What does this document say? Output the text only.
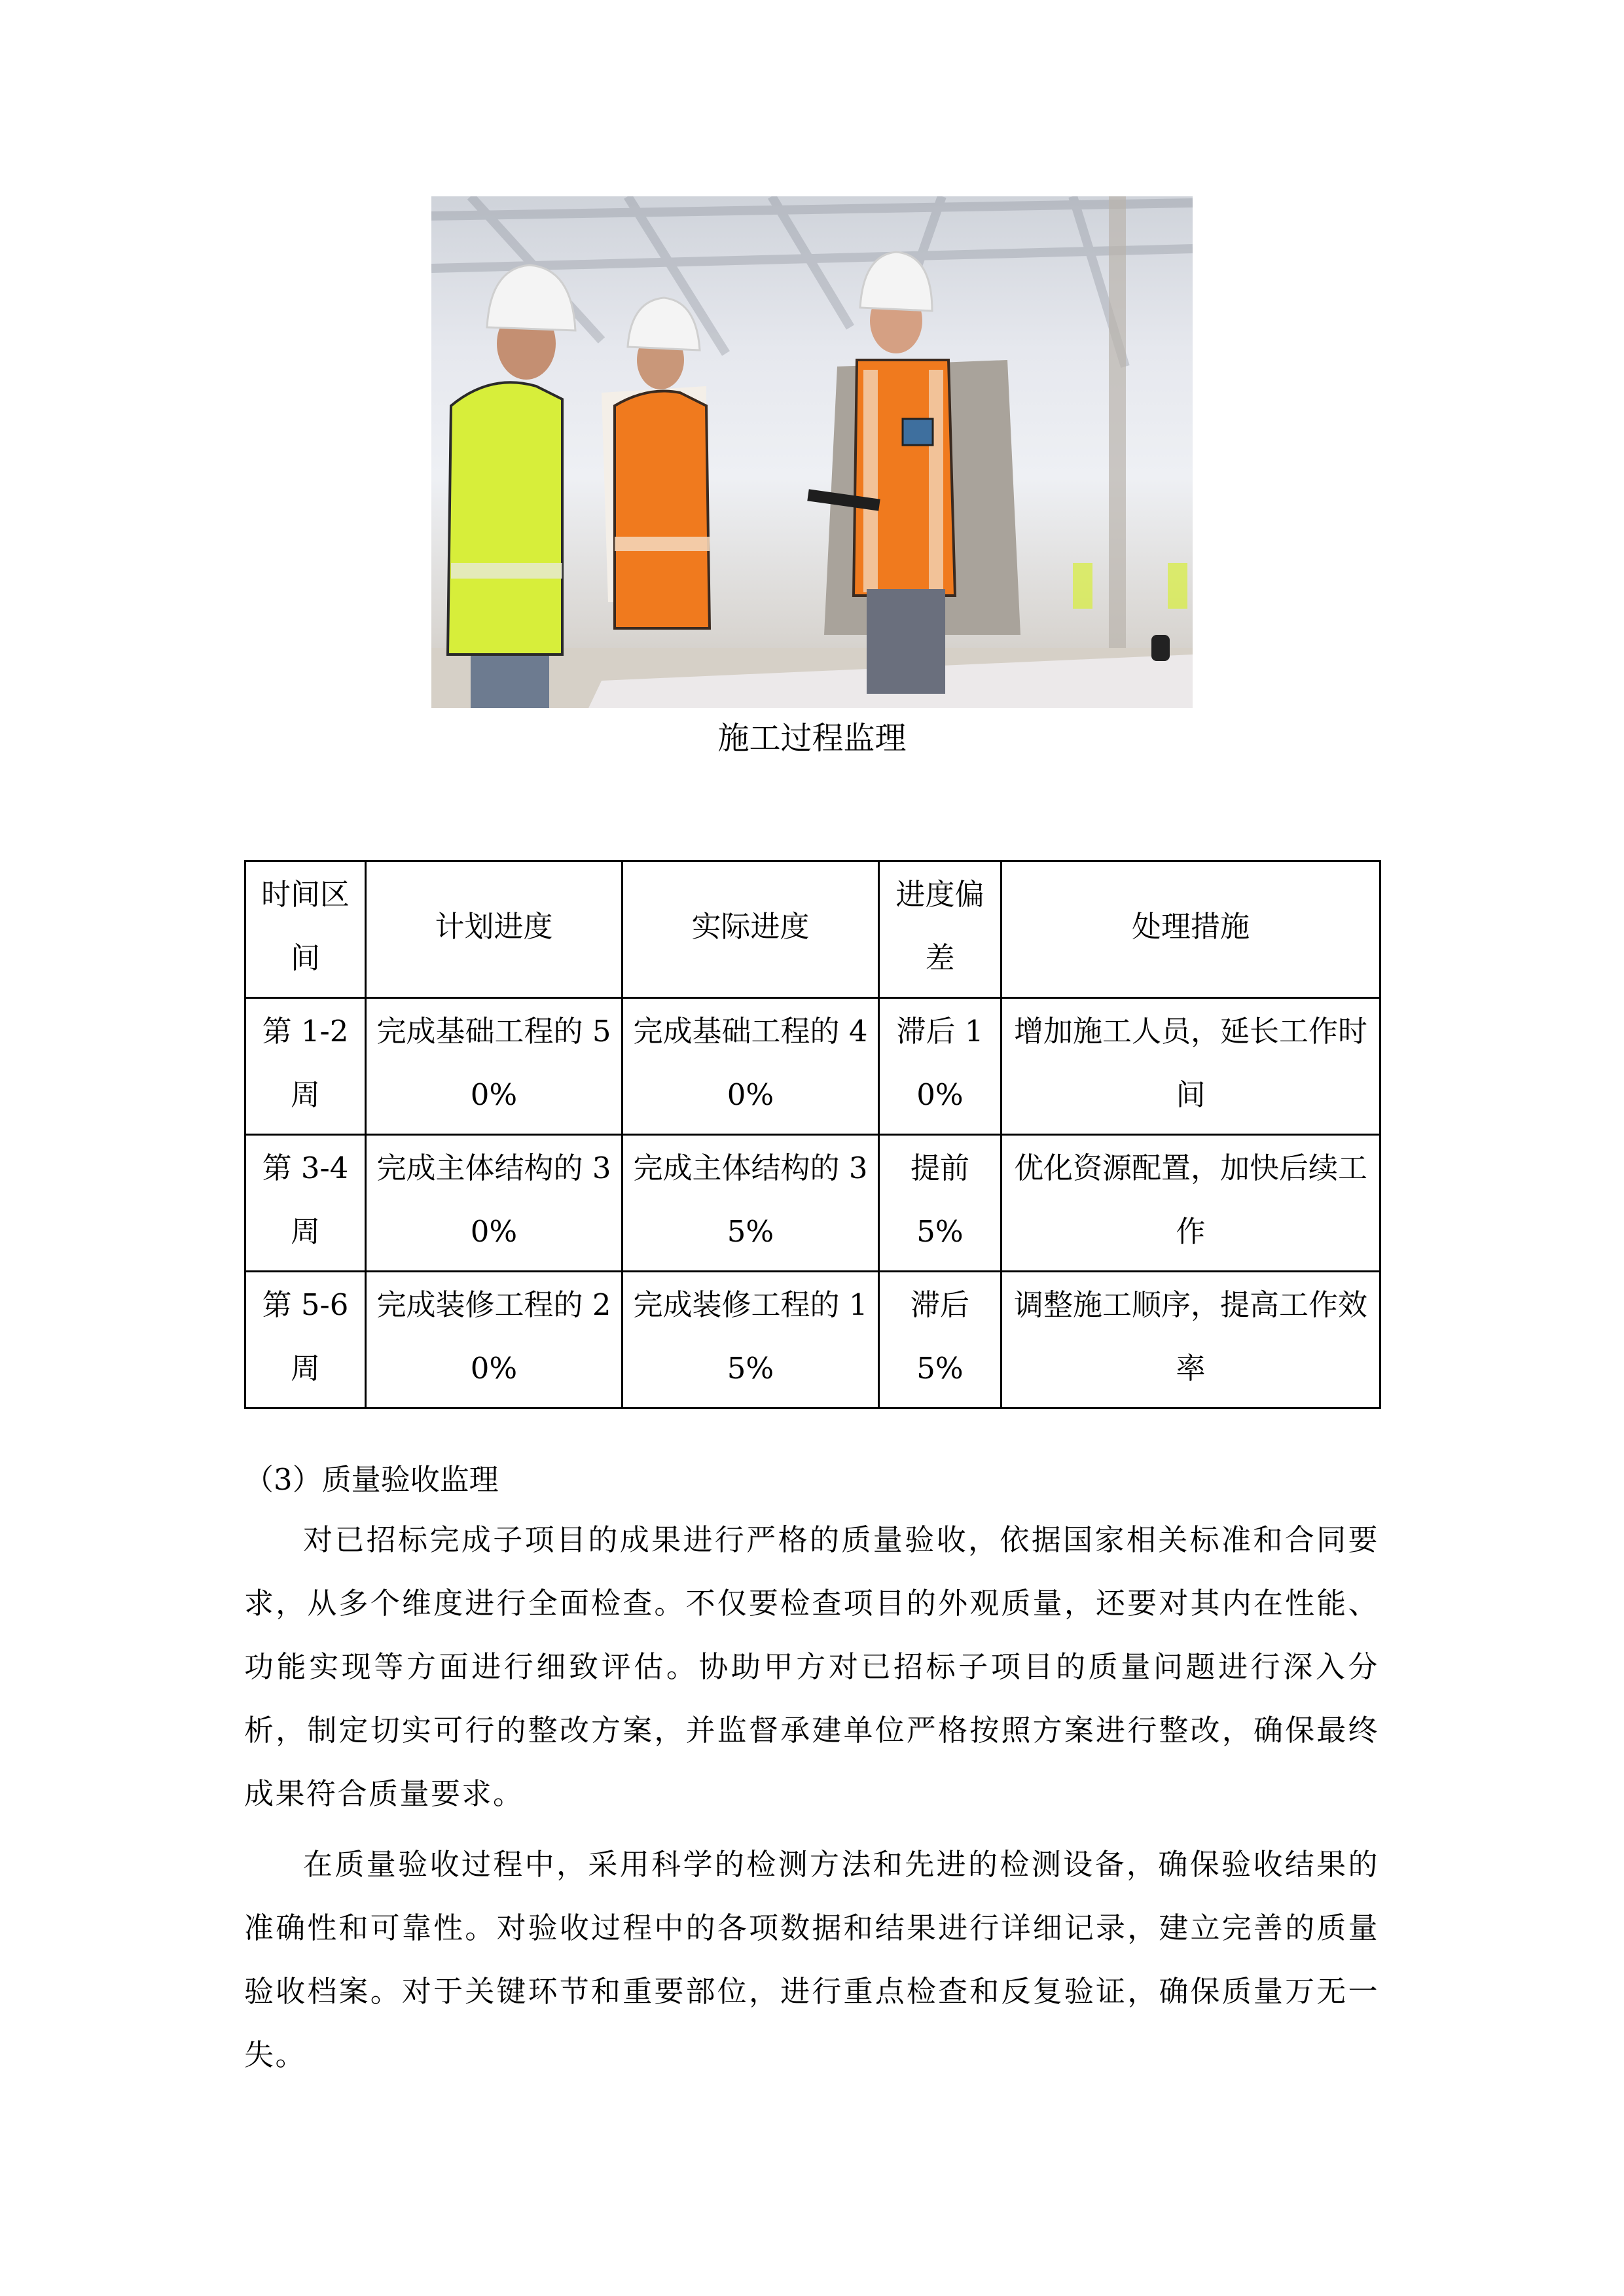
施工过程监理
时间区间	计划进度	实际进度	进度偏差	处理措施
第 1-2 周	完成基础工程的 50%	完成基础工程的 40%	滞后 10%	增加施工人员，延长工作时间
第 3-4 周	完成主体结构的 30%	完成主体结构的 35%	提前 5%	优化资源配置，加快后续工作
第 5-6 周	完成装修工程的 20%	完成装修工程的 15%	滞后 5%	调整施工顺序，提高工作效率
（3）质量验收监理

对已招标完成子项目的成果进行严格的质量验收，依据国家相关标准和合同要求，从多个维度进行全面检查。不仅要检查项目的外观质量，还要对其内在性能、功能实现等方面进行细致评估。协助甲方对已招标子项目的质量问题进行深入分析，制定切实可行的整改方案，并监督承建单位严格按照方案进行整改，确保最终成果符合质量要求。

在质量验收过程中，采用科学的检测方法和先进的检测设备，确保验收结果的准确性和可靠性。对验收过程中的各项数据和结果进行详细记录，建立完善的质量验收档案。对于关键环节和重要部位，进行重点检查和反复验证，确保质量万无一失。
